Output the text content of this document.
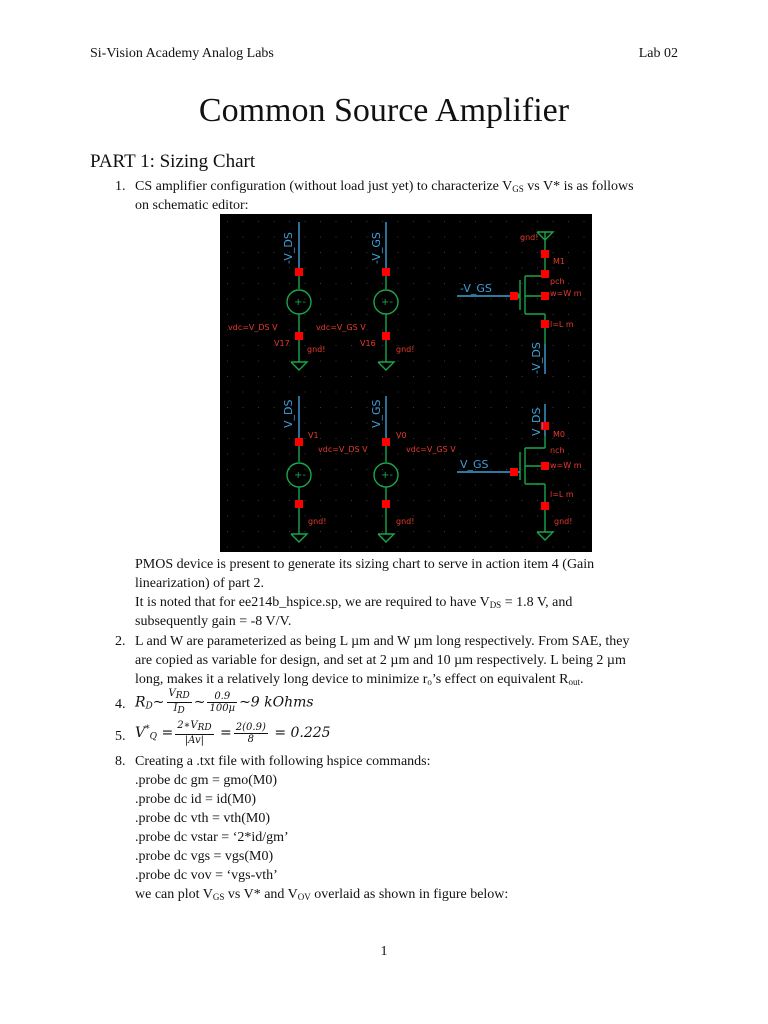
Si-Vision Academy Analog Labs	Lab 02
Common Source Amplifier
PART 1: Sizing Chart
1. CS amplifier configuration (without load just yet) to characterize $V_{GS}$ vs V* is as follows
on schematic editor:
+-	+-
+-	+-
-V_DS	-V_GS	gnd!
M1
pch
w=W m
l=L m
-V_GS
-V_DS
vdc=V_DS V	vdc=V_GS V
V17	V16
gnd!	gnd!
V_DS	V_GS	V_DS
V1	V0
vdc=V_DS V	vdc=V_GS V
M0
nch
w=W m
V_GS
l=L m
gnd!	gnd!	gnd!
PMOS device is present to generate its sizing chart to serve in action item 4 (Gain
linearization) of part 2.
It is noted that for ee214b_hspice.sp, we are required to have $V_{DS} = 1.8$ V, and
subsequently gain = -8 V/V.
2. L and W are parameterized as being L µm and W µm long respectively. From SAE, they
are copied as variable for design, and set at 2 µm and 10 µm respectively. L being 2 µm
long, makes it a relatively long device to minimize $r_o’s$ effect on equivalent $R_{out}$.
4. $R_D\sim \frac{V_{RD}}{I_D}$ ~ $\frac{0.9}{\text{100µ}}$ ~9 kOhms
5. $V^*_Q = \frac{2∗V_{RD}}{|Av|} = \frac{2(0.9)}{8} = 0.225$
8. Creating a .txt file with following hspice commands:
.probe dc gm = gmo(M0)
.probe dc id = id(M0)
.probe dc vth = vth(M0)
.probe dc vstar = ‘2*id/gm’
.probe dc vgs = vgs(M0)
.probe dc vov = ‘vgs-vth’
we can plot $V_{GS}$ vs V* and $V_{OV}$ overlaid as shown in figure below:
1
